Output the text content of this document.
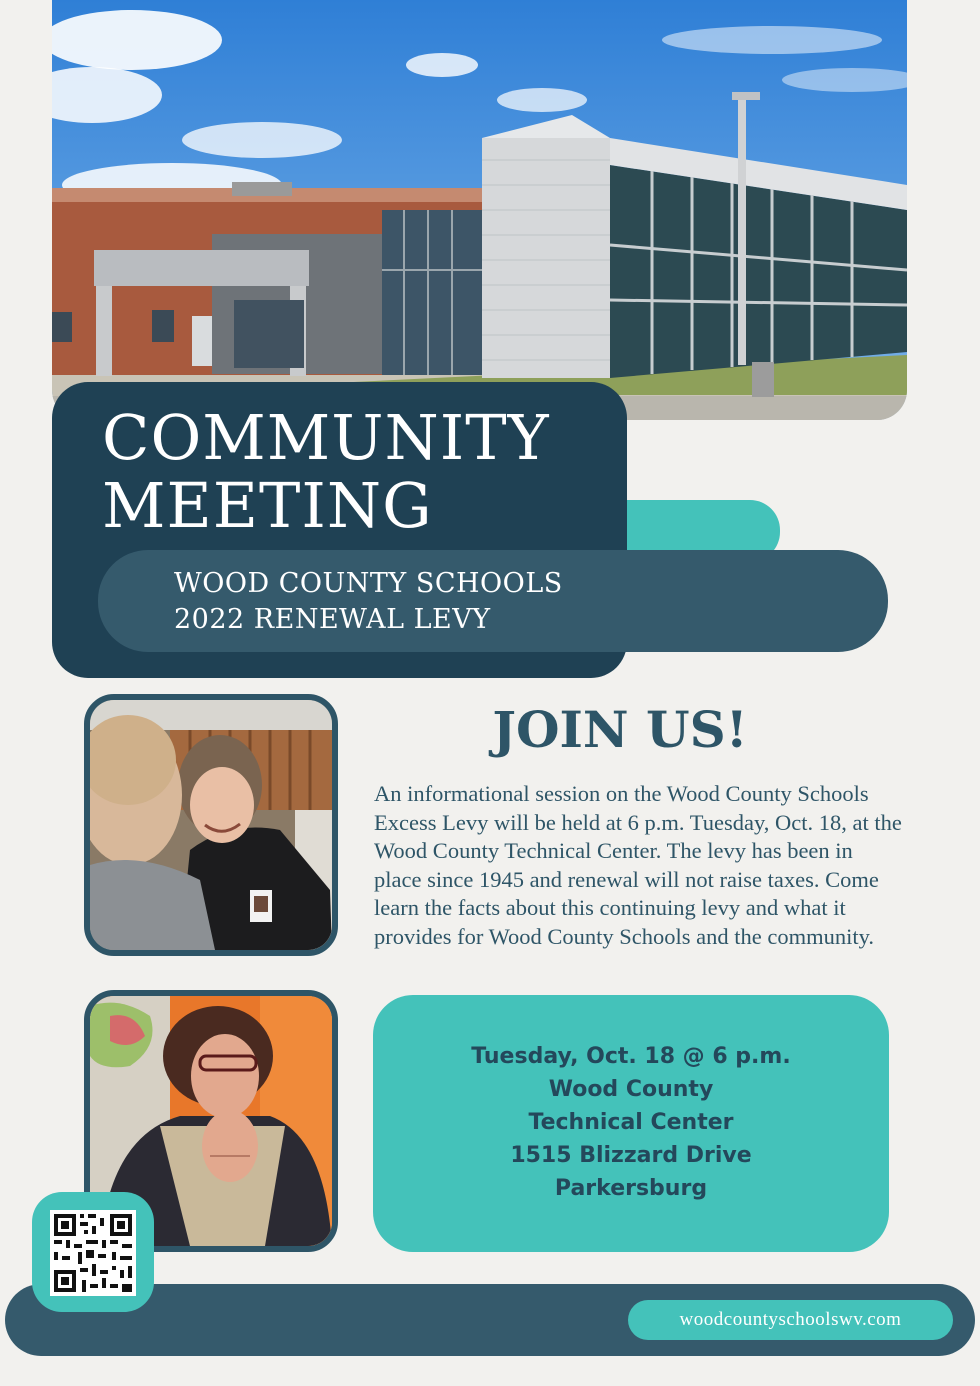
COMMUNITY
MEETING
WOOD COUNTY SCHOOLS
2022 RENEWAL LEVY
JOIN US!
An informational session on the Wood County Schools Excess Levy will be held at 6 p.m. Tuesday, Oct. 18, at the Wood County Technical Center. The levy has been in place since 1945 and renewal will not raise taxes. Come learn the facts about this continuing levy and what it provides for Wood County Schools and the community.
Tuesday, Oct. 18 @ 6 p.m.
Wood County
Technical Center
1515 Blizzard Drive
Parkersburg
woodcountyschoolswv.com
